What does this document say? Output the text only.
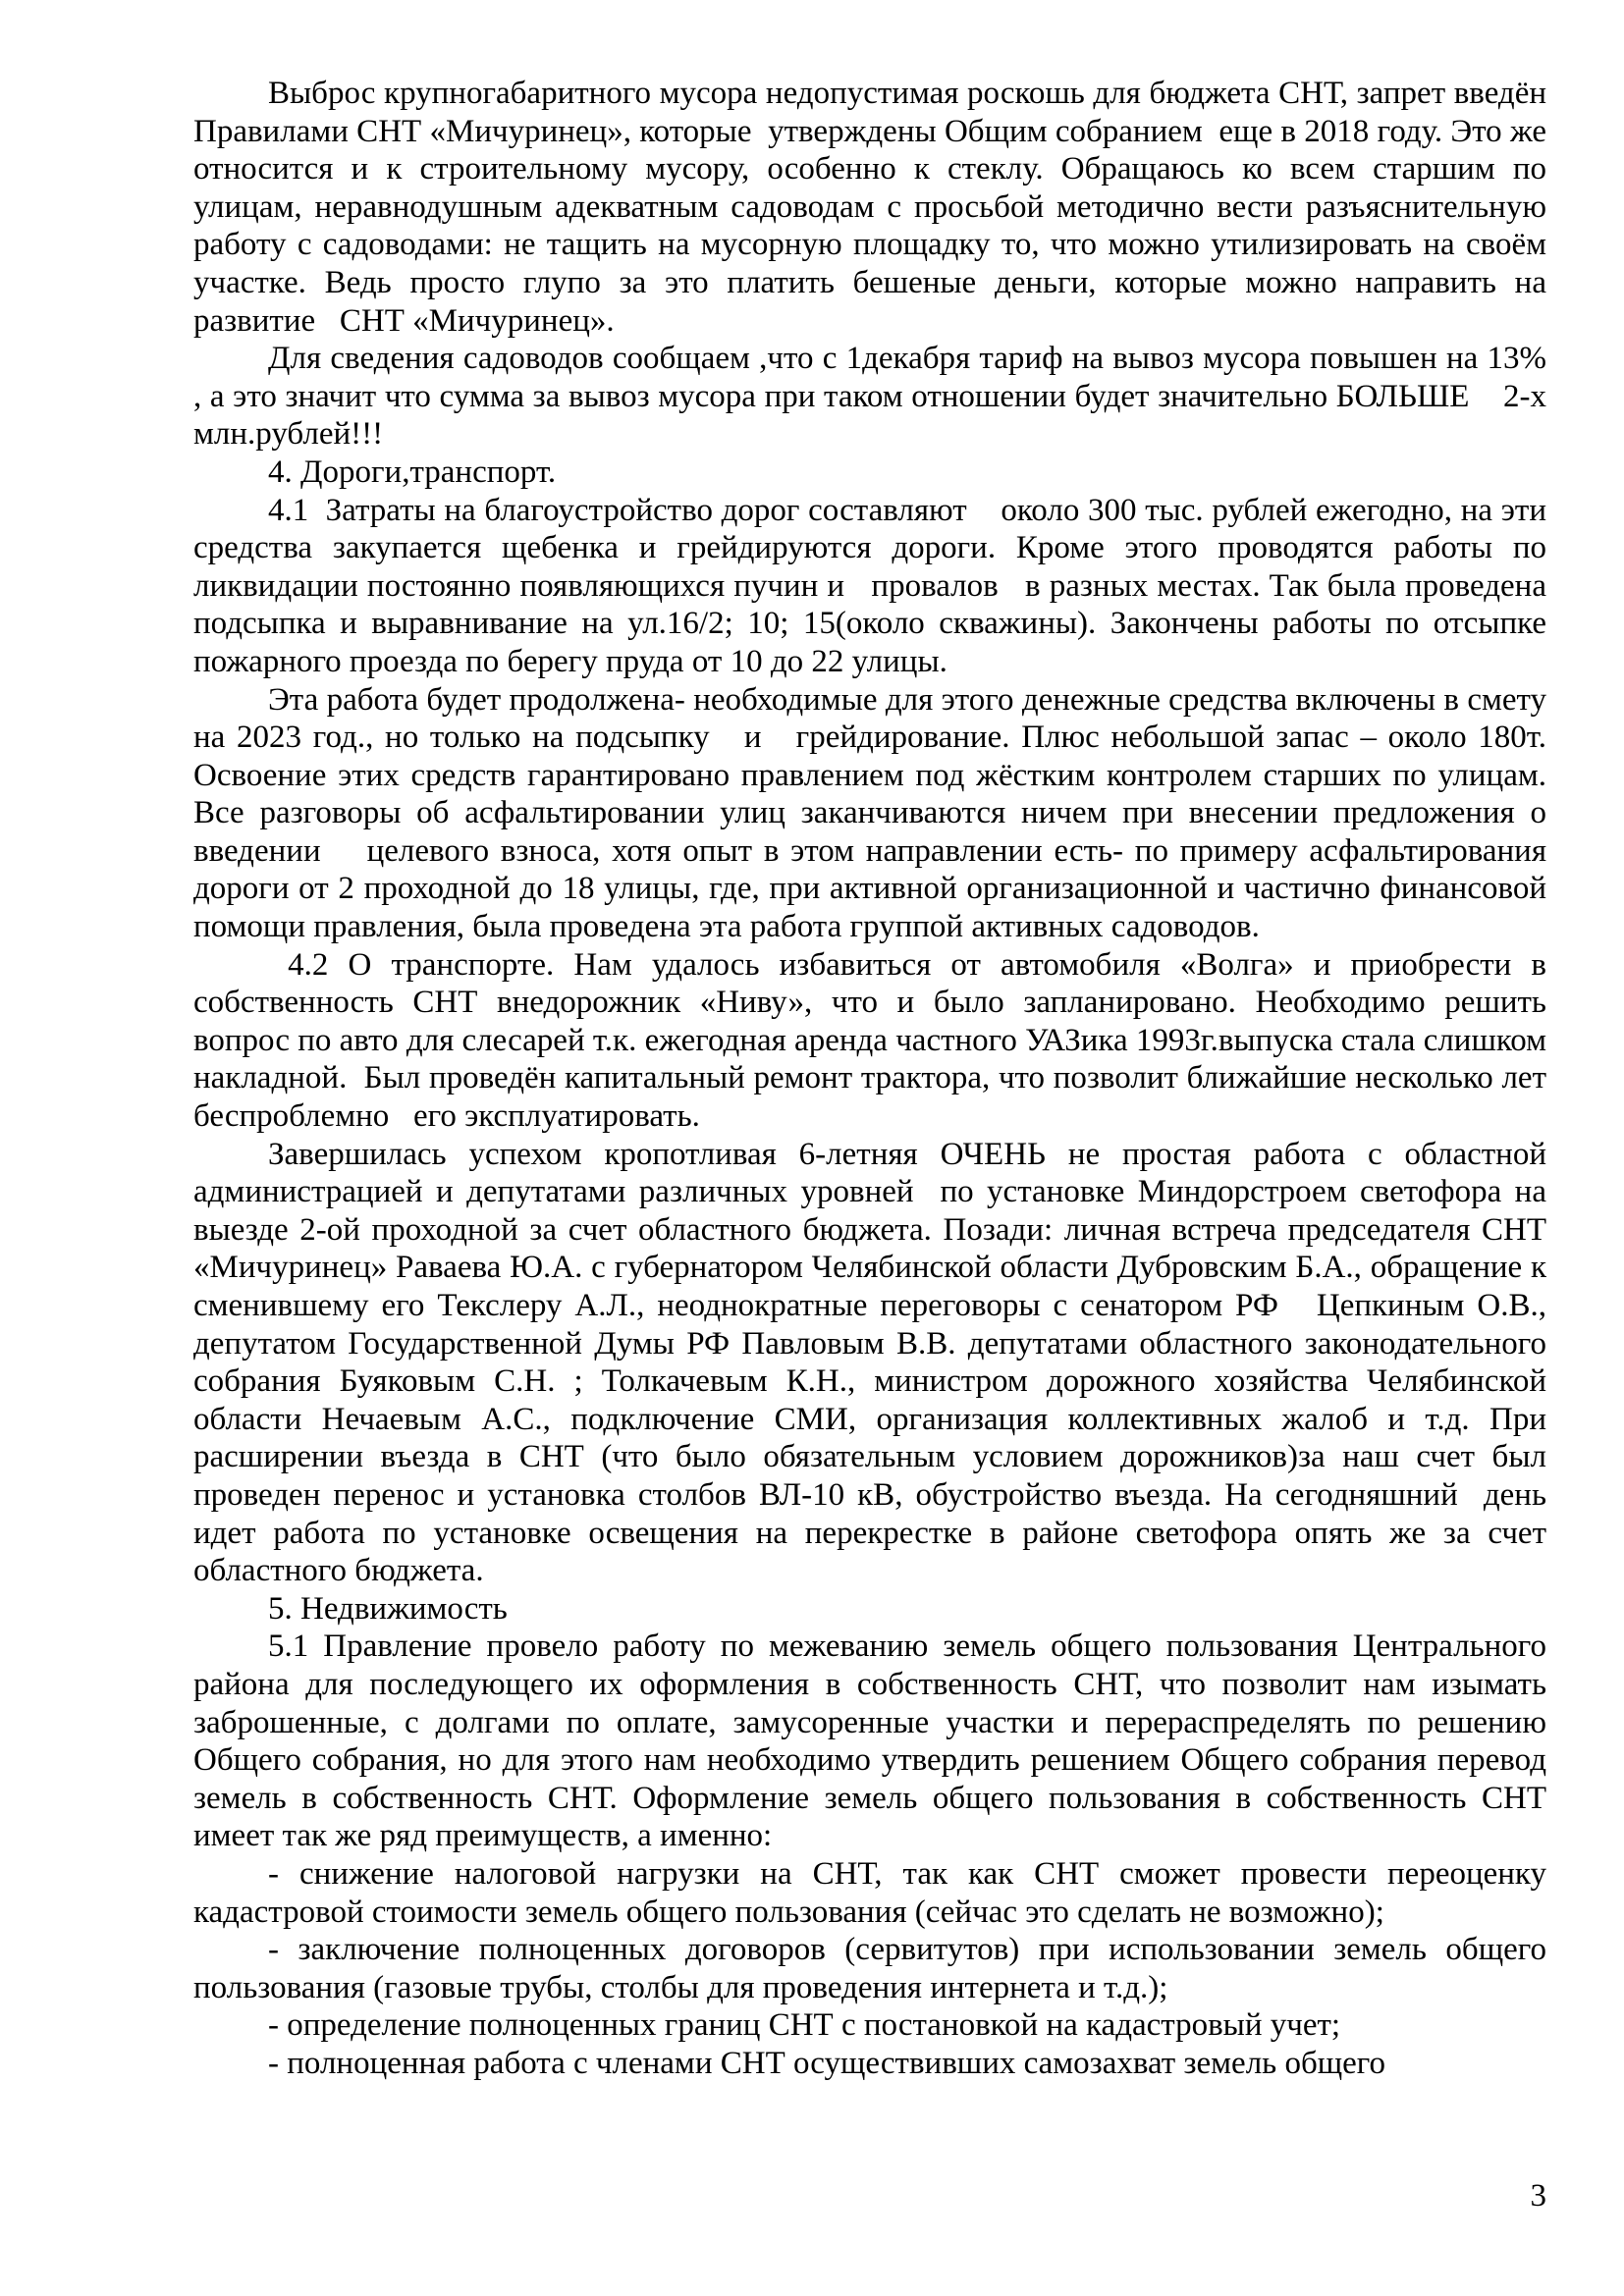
Выброс крупногабаритного мусора недопустимая роскошь для бюджета СНТ, запрет введён  Правилами СНТ «Мичуринец», которые  утверждены Общим собранием  еще в 2018 году. Это же относится и к строительному мусору, особенно к стеклу. Обращаюсь ко всем старшим по улицам, неравнодушным адекватным садоводам с просьбой методично вести разъяснительную работу с садоводами: не тащить на мусорную площадку то, что можно утилизировать на своём участке. Ведь просто глупо за это платить бешеные деньги, которые можно направить на развитие   СНТ «Мичуринец».

Для сведения садоводов сообщаем ,что с 1декабря тариф на вывоз мусора повышен на 13% , а это значит что сумма за вывоз мусора при таком отношении будет значительно БОЛЬШЕ    2-х млн.рублей!!!

4. Дороги,транспорт.

4.1  Затраты на благоустройство дорог составляют    около 300 тыс. рублей ежегодно, на эти средства закупается щебенка и грейдируются дороги. Кроме этого проводятся работы по ликвидации постоянно появляющихся пучин и   провалов   в разных местах. Так была проведена подсыпка и выравнивание на ул.16/2; 10; 15(около скважины). Закончены работы по отсыпке пожарного проезда по берегу пруда от 10 до 22 улицы.

Эта работа будет продолжена- необходимые для этого денежные средства включены в смету на 2023 год., но только на подсыпку   и   грейдирование. Плюс небольшой запас – около 180т. Освоение этих средств гарантировано правлением под жёстким контролем старших по улицам. Все разговоры об асфальтировании улиц заканчиваются ничем при внесении предложения о введении    целевого взноса, хотя опыт в этом направлении есть- по примеру асфальтирования дороги от 2 проходной до 18 улицы, где, при активной организационной и частично финансовой помощи правления, была проведена эта работа группой активных садоводов.

4.2 О транспорте. Нам удалось избавиться от автомобиля «Волга» и приобрести в собственность СНТ внедорожник «Ниву», что и было запланировано. Необходимо решить вопрос по авто для слесарей т.к. ежегодная аренда частного УАЗика 1993г.выпуска стала слишком накладной.  Был проведён капитальный ремонт трактора, что позволит ближайшие несколько лет  беспроблемно   его эксплуатировать.

Завершилась успехом кропотливая 6-летняя ОЧЕНЬ не простая работа с областной администрацией и депутатами различных уровней  по установке Миндорстроем светофора на выезде 2-ой проходной за счет областного бюджета. Позади: личная встреча председателя СНТ «Мичуринец» Раваева Ю.А. с губернатором Челябинской области Дубровским Б.А., обращение к сменившему его Текслеру А.Л., неоднократные переговоры с сенатором РФ   Цепкиным О.В., депутатом Государственной Думы РФ Павловым В.В. депутатами областного законодательного собрания Буяковым С.Н. ; Толкачевым К.Н., министром дорожного хозяйства Челябинской области Нечаевым А.С., подключение СМИ, организация коллективных жалоб и т.д. При расширении въезда в СНТ (что было обязательным условием дорожников)за наш счет был проведен перенос и установка столбов ВЛ-10 кВ, обустройство въезда. На сегодняшний  день идет работа по установке освещения на перекрестке в районе светофора опять же за счет областного бюджета.

5. Недвижимость

5.1 Правление провело работу по межеванию земель общего пользования Центрального района для последующего их оформления в собственность СНТ, что позволит нам изымать заброшенные, с долгами по оплате, замусоренные участки и перераспределять по решению Общего собрания, но для этого нам необходимо утвердить решением Общего собрания перевод земель в собственность СНТ. Оформление земель общего пользования в собственность СНТ имеет так же ряд преимуществ, а именно:

- снижение налоговой нагрузки на СНТ, так как СНТ сможет провести переоценку кадастровой стоимости земель общего пользования (сейчас это сделать не возможно);

- заключение полноценных договоров (сервитутов) при использовании земель общего пользования (газовые трубы, столбы для проведения интернета и т.д.);

- определение полноценных границ СНТ с постановкой на кадастровый учет;

- полноценная работа с членами СНТ осуществивших самозахват земель общего

3
